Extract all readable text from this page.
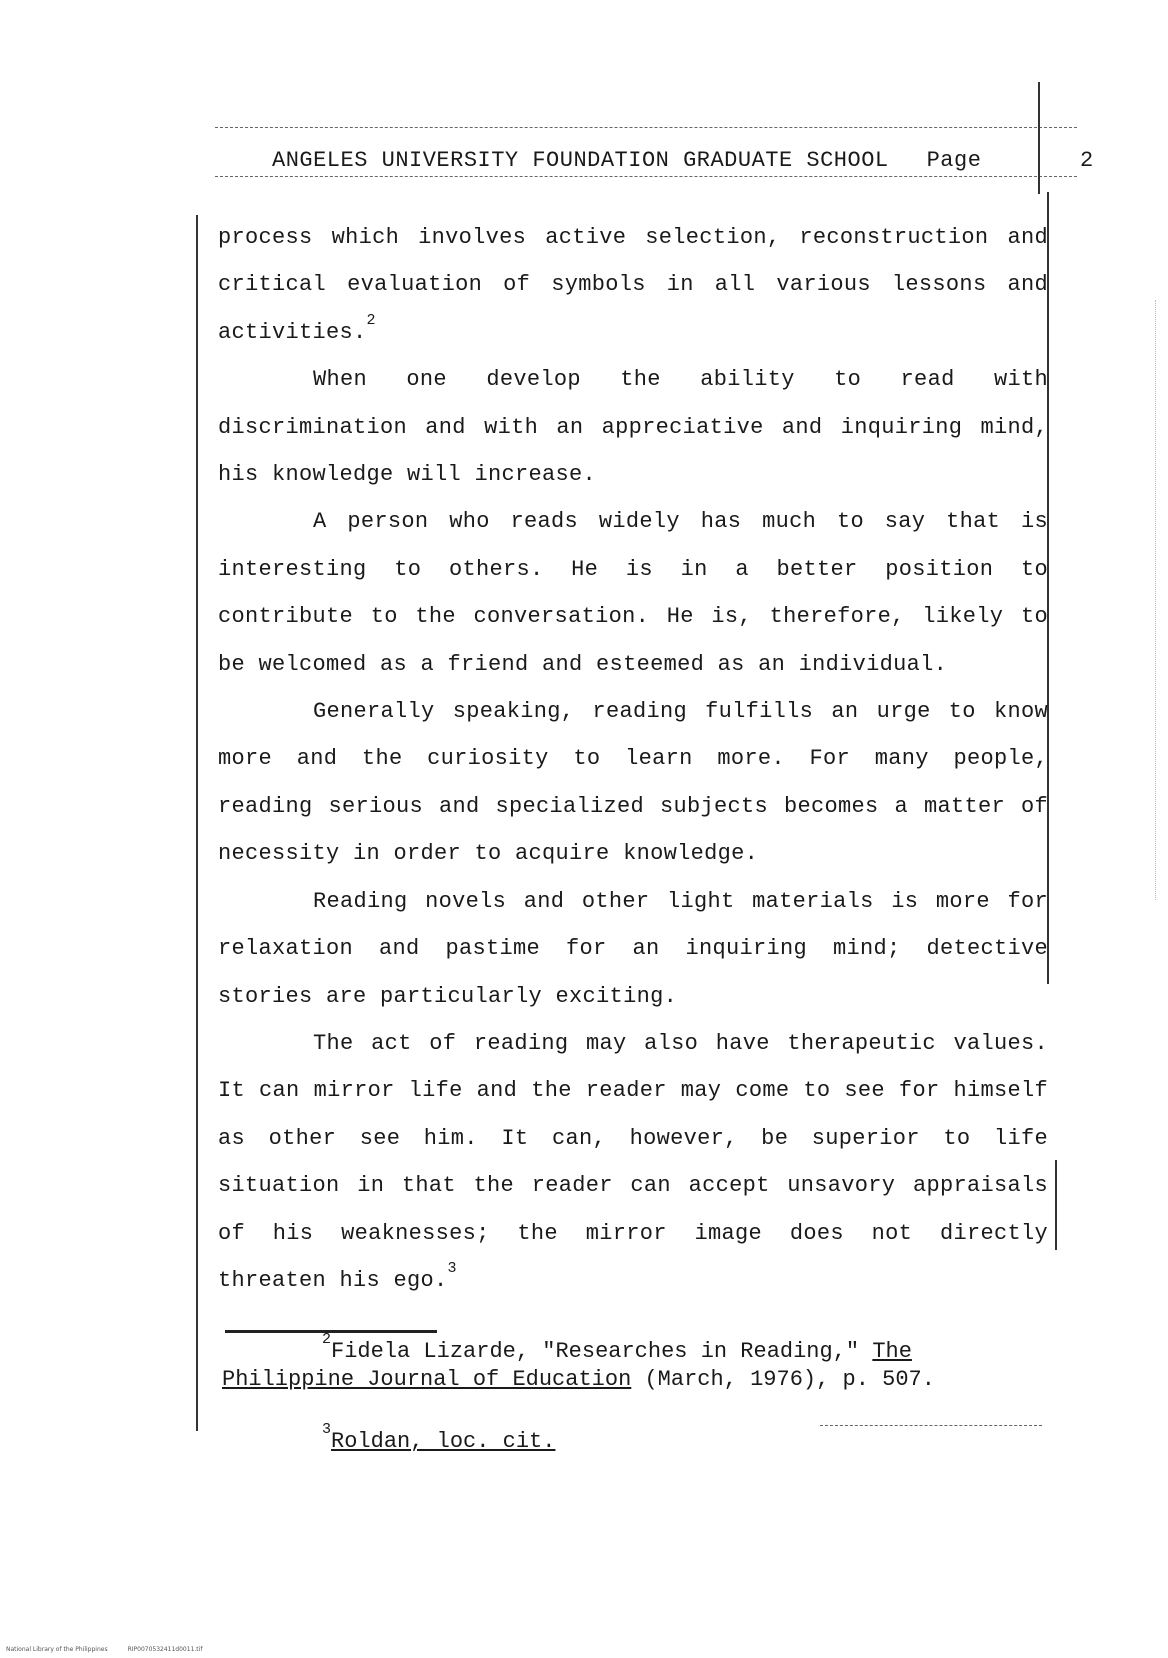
ANGELES UNIVERSITY FOUNDATION GRADUATE SCHOOL Page	2

process which involves active selection, reconstruction and critical evaluation of symbols in all various lessons and activities.$^2$

When one develop the ability to read with discrimination and with an appreciative and inquiring mind, his knowledge will increase.

A person who reads widely has much to say that is interesting to others. He is in a better position to contribute to the conversation. He is, therefore, likely to be welcomed as a friend and esteemed as an individual.

Generally speaking, reading fulfills an urge to know more and the curiosity to learn more. For many people, reading serious and specialized subjects becomes a matter of necessity in order to acquire knowledge.

Reading novels and other light materials is more for relaxation and pastime for an inquiring mind; detective stories are particularly exciting.

The act of reading may also have therapeutic values. It can mirror life and the reader may come to see for himself as other see him. It can, however, be superior to life situation in that the reader can accept unsavory appraisals of his weaknesses; the mirror image does not directly threaten his ego.$^3$

$^2$Fidela Lizarde, "Researches in Reading," The Philippine Journal of Education (March, 1976), p. 507.
$^3$Roldan, loc. cit.
National Library of the Philippines	RIP0070532411d0011.tif
